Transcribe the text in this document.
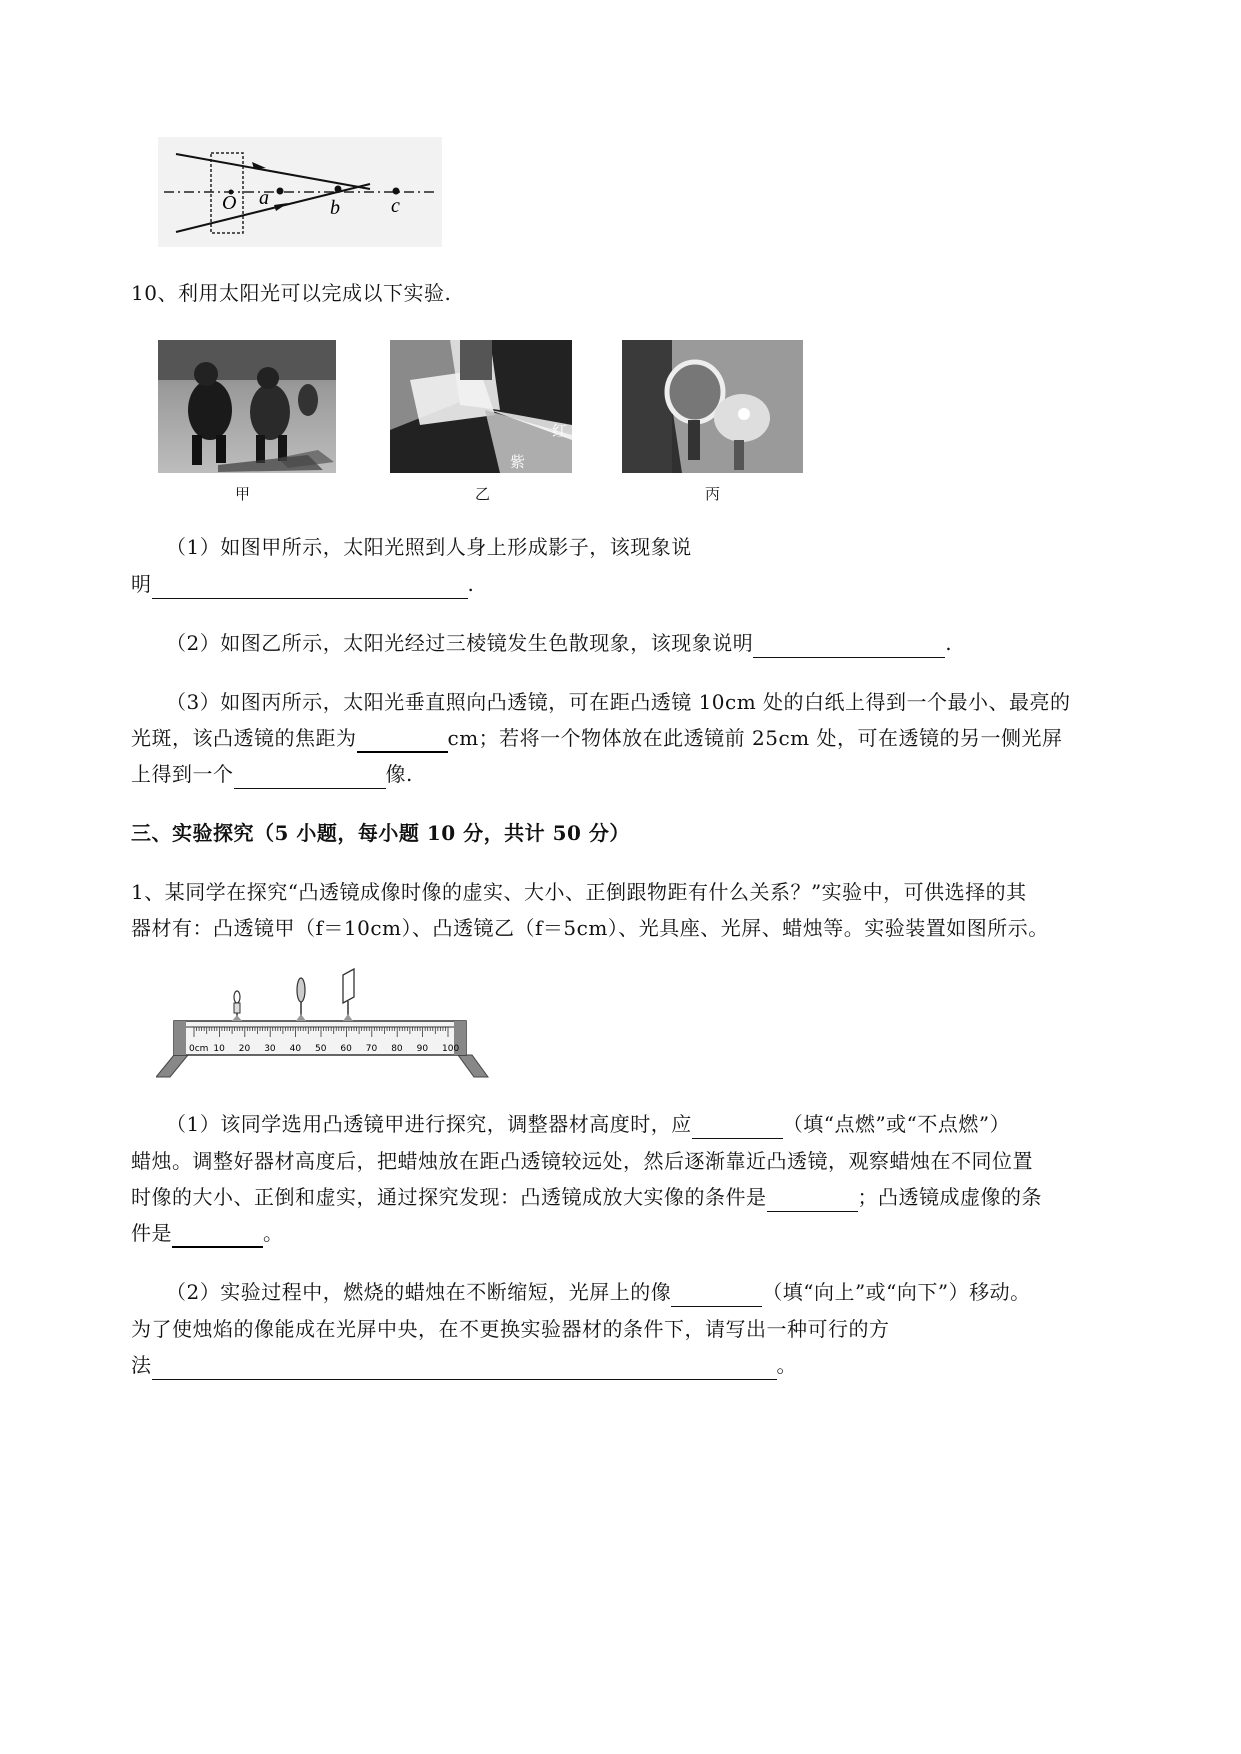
O a	b	c
10、利用太阳光可以完成以下实验.
甲
红
紫
乙	丙
（1）如图甲所示，太阳光照到人身上形成影子，该现象说
明	.
（2）如图乙所示，太阳光经过三棱镜发生色散现象，该现象说明	.
（3）如图丙所示，太阳光垂直照向凸透镜，可在距凸透镜 10cm 处的白纸上得到一个最小、最亮的
光斑，该凸透镜的焦距为	cm；若将一个物体放在此透镜前 25cm 处，可在透镜的另一侧光屏
上得到一个	像.
三、实验探究（5 小题，每小题 10 分，共计 50 分）
1、某同学在探究“凸透镜成像时像的虚实、大小、正倒跟物距有什么关系？”实验中，可供选择的其
器材有：凸透镜甲（f＝10cm）、凸透镜乙（f＝5cm）、光具座、光屏、蜡烛等。实验装置如图所示。
0cm 10 20 30 40 50 60 70 80 90 100
（1）该同学选用凸透镜甲进行探究，调整器材高度时，应	（填“点燃”或“不点燃”）
蜡烛。调整好器材高度后，把蜡烛放在距凸透镜较远处，然后逐渐靠近凸透镜，观察蜡烛在不同位置
时像的大小、正倒和虚实，通过探究发现：凸透镜成放大实像的条件是	；凸透镜成虚像的条
件是	。
（2）实验过程中，燃烧的蜡烛在不断缩短，光屏上的像	（填“向上”或“向下”）移动。
为了使烛焰的像能成在光屏中央，在不更换实验器材的条件下，请写出一种可行的方
法	。
